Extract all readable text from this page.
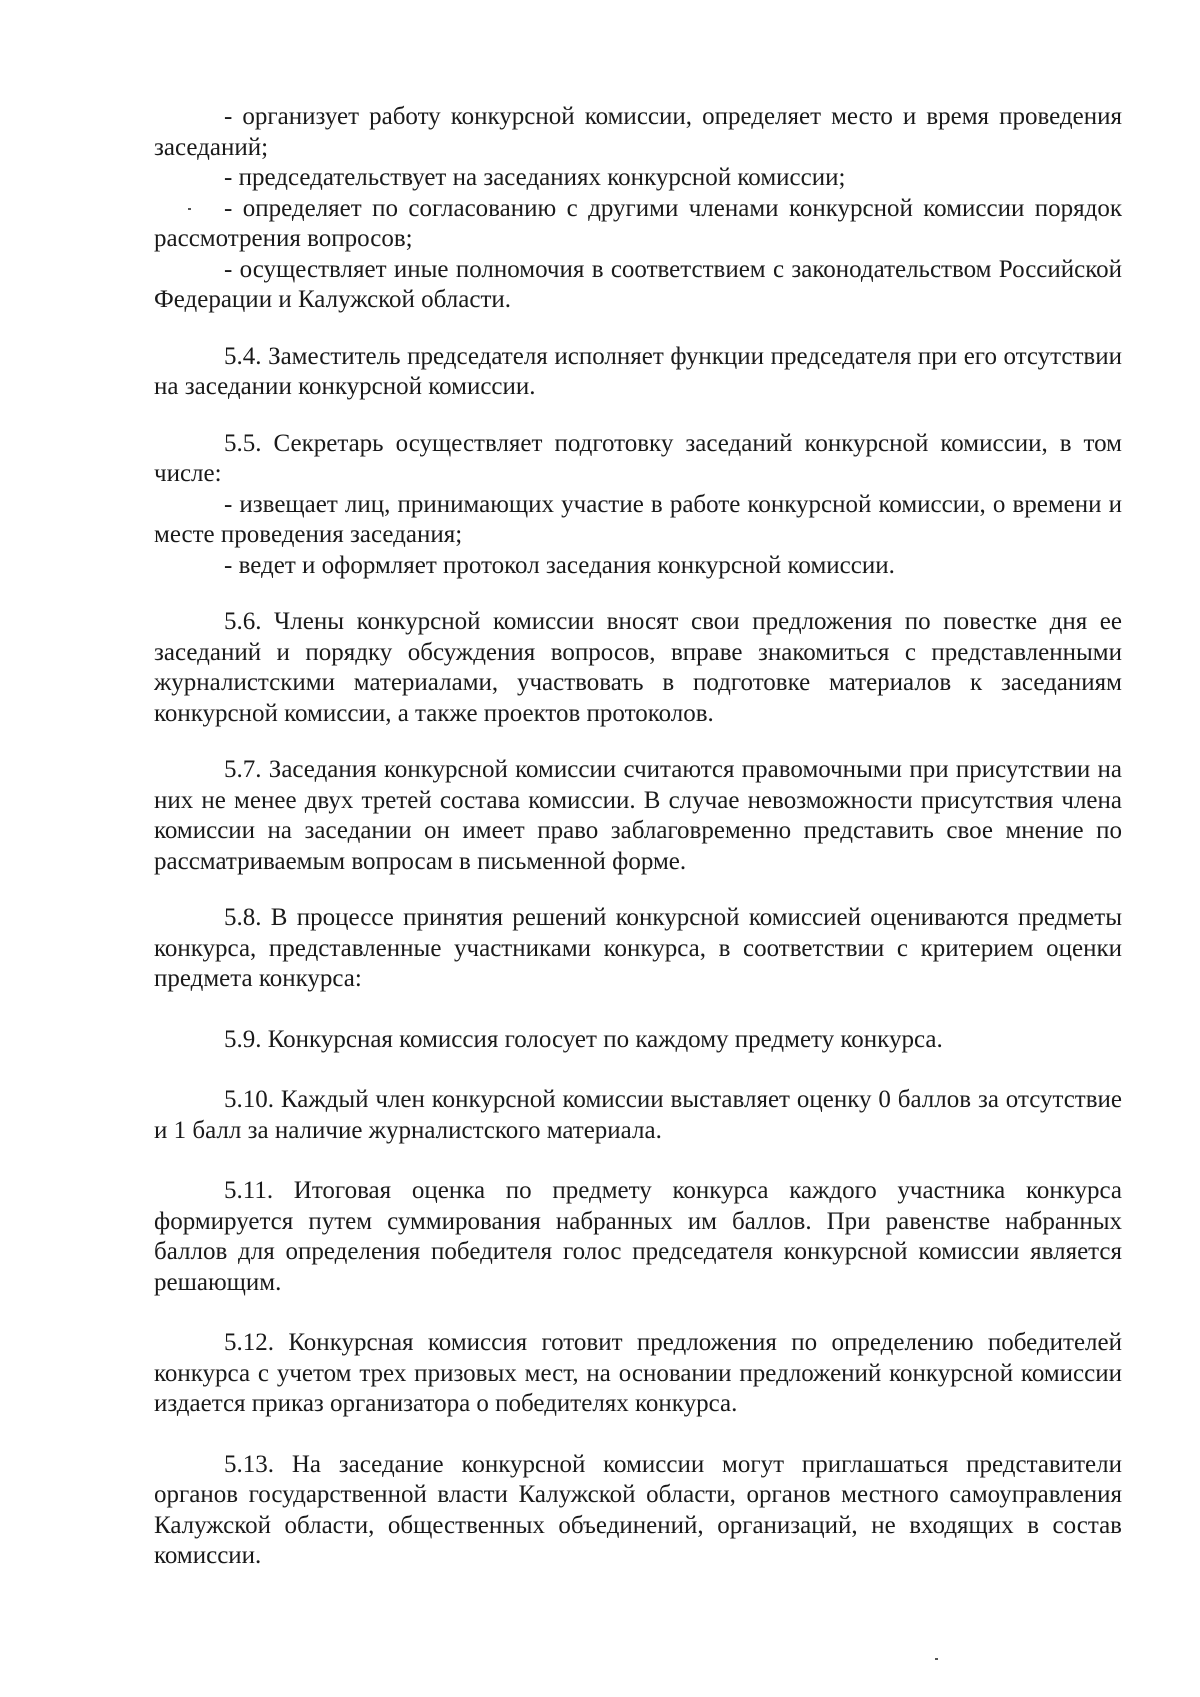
- организует работу конкурсной комиссии, определяет место и время проведения заседаний;

- председательствует на заседаниях конкурсной комиссии;

- определяет по согласованию с другими членами конкурсной комиссии порядок рассмотрения вопросов;

- осуществляет иные полномочия в соответствием с законодательством Российской Федерации и Калужской области.

5.4. Заместитель председателя исполняет функции председателя при его отсутствии на заседании конкурсной комиссии.

5.5. Секретарь осуществляет подготовку заседаний конкурсной комиссии, в том числе:

- извещает лиц, принимающих участие в работе конкурсной комиссии, о времени и месте проведения заседания;

- ведет и оформляет протокол заседания конкурсной комиссии.

5.6. Члены конкурсной комиссии вносят свои предложения по повестке дня ее заседаний и порядку обсуждения вопросов, вправе знакомиться с представленными журналистскими материалами, участвовать в подготовке материалов к заседаниям конкурсной комиссии, а также проектов протоколов.

5.7. Заседания конкурсной комиссии считаются правомочными при присутствии на них не менее двух третей состава комиссии. В случае невозможности присутствия члена комиссии на заседании он имеет право заблаговременно представить свое мнение по рассматриваемым вопросам в письменной форме.

5.8. В процессе принятия решений конкурсной комиссией оцениваются предметы конкурса, представленные участниками конкурса, в соответствии с критерием оценки предмета конкурса:

5.9. Конкурсная комиссия голосует по каждому предмету конкурса.

5.10. Каждый член конкурсной комиссии выставляет оценку 0 баллов за отсутствие и 1 балл за наличие журналистского материала.

5.11. Итоговая оценка по предмету конкурса каждого участника конкурса формируется путем суммирования набранных им баллов. При равенстве набранных баллов для определения победителя голос председателя конкурсной комиссии является решающим.

5.12. Конкурсная комиссия готовит предложения по определению победителей конкурса с учетом трех призовых мест, на основании предложений конкурсной комиссии издается приказ организатора о победителях конкурса.

5.13. На заседание конкурсной комиссии могут приглашаться представители органов государственной власти Калужской области, органов местного самоуправления Калужской области, общественных объединений, организаций, не входящих в состав комиссии.
